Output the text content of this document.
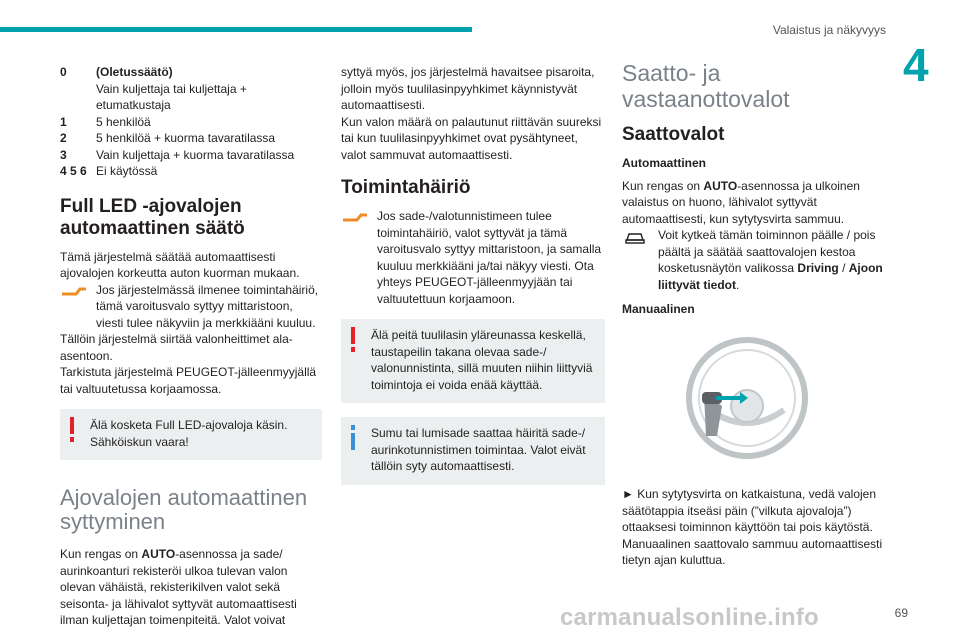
Valaistus ja näkyvyys
4
0	(Oletussäätö)
Vain kuljettaja tai kuljettaja + etumatkustaja
1	5 henkilöä
2	5 henkilöä + kuorma tavaratilassa
3	Vain kuljettaja + kuorma tavaratilassa
4 5 6 Ei käytössä
Full LED -ajovalojen automaattinen säätö
Tämä järjestelmä säätää automaattisesti ajovalojen korkeutta auton kuorman mukaan.
Jos järjestelmässä ilmenee toimintahäiriö, tämä varoitusvalo syttyy mittaristoon, viesti tulee näkyviin ja merkkiääni kuuluu.
Tällöin järjestelmä siirtää valonheittimet ala-asentoon.
Tarkistuta järjestelmä PEUGEOT-jälleenmyyjällä tai valtuutetussa korjaamossa.
Älä kosketa Full LED-ajovaloja käsin. Sähköiskun vaara!
Ajovalojen automaattinen syttyminen
Kun rengas on AUTO-asennossa ja sade/ aurinkoanturi rekisteröi ulkoa tulevan valon olevan vähäistä, rekisterikilven valot sekä seisonta- ja lähivalot syttyvät automaattisesti ilman kuljettajan toimenpiteitä. Valot voivat
syttyä myös, jos järjestelmä havaitsee pisaroita, jolloin myös tuulilasinpyyhkimet käynnistyvät automaattisesti.
Kun valon määrä on palautunut riittävän suureksi tai kun tuulilasinpyyhkimet ovat pysähtyneet, valot sammuvat automaattisesti.
Toimintahäiriö
Jos sade-/valotunnistimeen tulee toimintahäiriö, valot syttyvät ja tämä varoitusvalo syttyy mittaristoon, ja samalla kuuluu merkkiääni ja/tai näkyy viesti. Ota yhteys PEUGEOT-jälleenmyyjään tai valtuutettuun korjaamoon.
Älä peitä tuulilasin yläreunassa keskellä, taustapeilin takana olevaa sade-/ valonunnistinta, sillä muuten niihin liittyviä toimintoja ei voida enää käyttää.
Sumu tai lumisade saattaa häiritä sade-/ aurinkotunnistimen toimintaa. Valot eivät tällöin syty automaattisesti.
Saatto- ja vastaanottovalot
Saattovalot
Automaattinen
Kun rengas on AUTO-asennossa ja ulkoinen valaistus on huono, lähivalot syttyvät automaattisesti, kun sytytysvirta sammuu.
Voit kytkeä tämän toiminnon päälle / pois päältä ja säätää saattovalojen kestoa kosketusnäytön valikossa Driving / Ajoon liittyvät tiedot.
Manuaalinen
► Kun sytytysvirta on katkaistuna, vedä valojen säätötappia itseäsi päin (”vilkuta ajovaloja”) ottaaksesi toiminnon käyttöön tai pois käytöstä.
Manuaalinen saattovalo sammuu automaattisesti tietyn ajan kuluttua.
carmanualsonline.info	69
